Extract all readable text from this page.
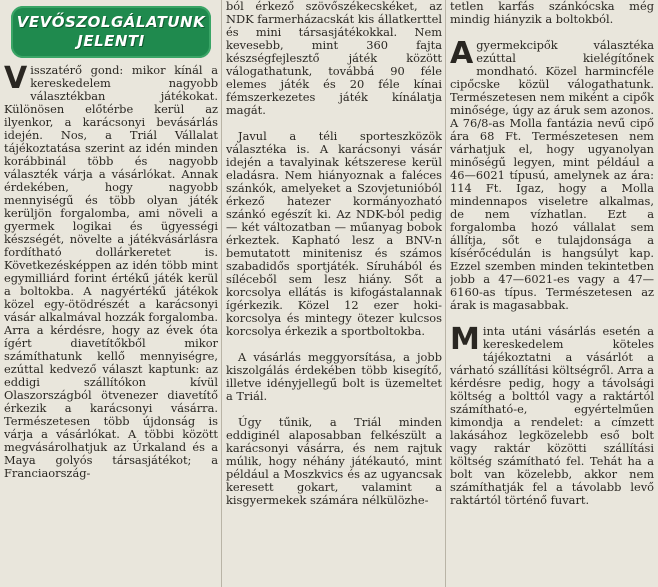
VEVŐSZOLGÁLATUNK
JELENTI

Visszatérő gond: mikor kínál a kereskedelem nagyobb választékban játékokat. Különösen előtérbe kerül az ilyenkor, a karácsonyi bevásárlás idején. Nos, a Triál Vállalat tájékoztatása szerint az idén minden korábbinál több és nagyobb választék várja a vásárlókat. Annak érdekében, hogy nagyobb mennyiségű és több olyan játék kerüljön forgalomba, ami növeli a gyermek logikai és ügyességi készségét, növelte a játékvásárlásra fordítható dollárkeretet is. Következésképpen az idén több mint egymilliárd forint értékű játék kerül a boltokba. A nagyértékű játékok közel egy-ötödrészét a karácsonyi vásár alkalmával hozzák forgalomba. Arra a kérdésre, hogy az évek óta ígért diavetítőkből mikor számíthatunk kellő mennyiségre, ezúttal kedvező választ kaptunk: az eddigi szállítókon kívül Olaszországból ötvenezer diavetítő érkezik a karácsonyi vásárra. Természetesen több újdonság is várja a vásárlókat. A többi között megvásárolhatjuk az Úrkaland és a Maya golyós társasjátékot; a Franciaország-

ból érkező szövőszékecskéket, az NDK farmerházacskát kis állatkerttel és mini társasjátékokkal. Nem kevesebb, mint 360 fajta készségfejlesztő játék között válogathatunk, továbbá 90 féle elemes játék és 20 féle kínai fémszerkezetes játék kínálatja magát.

Javul a téli sporteszközök választéka is. A karácsonyi vásár idején a tavalyinak kétszerese kerül eladásra. Nem hiányoznak a faléces szánkók, amelyeket a Szovjetunióból érkező hatezer kormányozható szánkó egészít ki. Az NDK-ból pedig — két változatban — műanyag bobok érkeztek. Kapható lesz a BNV-n bemutatott minitenisz és számos szabadidős sportjáték. Síruhából és síléceből sem lesz hiány. Sőt a korcsolya ellátás is kifogástalannak ígérkezik. Közel 12 ezer hoki-korcsolya és mintegy ötezer kulcsos korcsolya érkezik a sportboltokba.

A vásárlás meggyorsítása, a jobb kiszolgálás érdekében több kisegítő, illetve idényjellegű bolt is üzemeltet a Triál.

Úgy tűnik, a Triál minden eddiginél alaposabban felkészült a karácsonyi vásárra, és nem rajtuk múlik, hogy néhány játékautó, mint például a Moszkvics és az ugyancsak keresett gokart, valamint a kisgyermekek számára nélkülözhe-

tetlen karfás szánkócska még mindig hiányzik a boltokból.

Agyermekcipők választéka ezúttal kielégítőnek mondható. Közel harmincféle cipőcske közül válogathatunk. Természetesen nem miként a cipők minősége, úgy az áruk sem azonos. A 76/8-as Molla fantázia nevű cipő ára 68 Ft. Természetesen nem várhatjuk el, hogy ugyanolyan minőségű legyen, mint például a 46—6021 típusú, amelynek az ára: 114 Ft. Igaz, hogy a Molla mindennapos viseletre alkalmas, de nem vízhatlan. Ezt a forgalomba hozó vállalat sem állítja, sőt e tulajdonsága a kísérőcédulán is hangsúlyt kap. Ezzel szemben minden tekintetben jobb a 47—6021-es vagy a 47—6160-as típus. Természetesen az árak is magasabbak.

Minta utáni vásárlás esetén a kereskedelem köteles tájékoztatni a vásárlót a várható szállítási költségről. Arra a kérdésre pedig, hogy a távolsági költség a bolttól vagy a raktártól számítható-e, egyértelműen kimondja a rendelet: a címzett lakásához legközelebb eső bolt vagy raktár közötti szállítási költség számítható fel. Tehát ha a bolt van közelebb, akkor nem számíthatják fel a távolabb levő raktártól történő fuvart.
